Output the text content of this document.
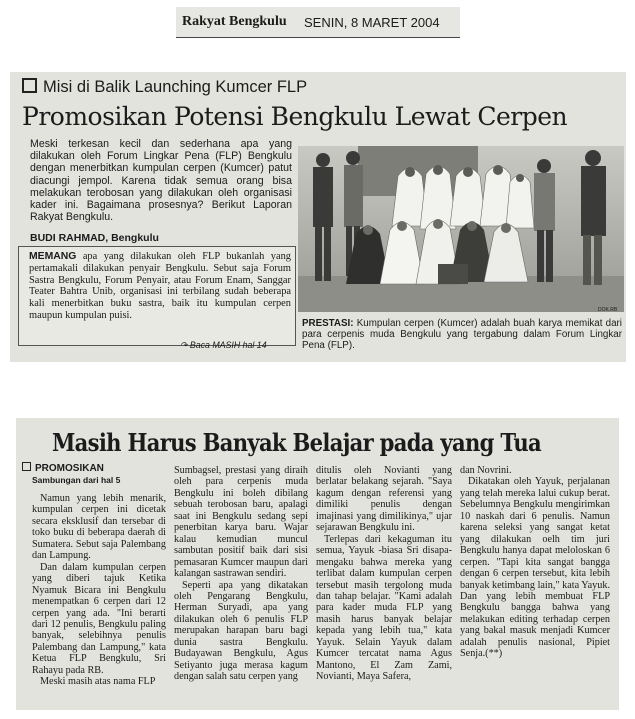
Rakyat Bengkulu SENIN, 8 MARET 2004
Misi di Balik Launching Kumcer FLP
Promosikan Potensi Bengkulu Lewat Cerpen
Meski terkesan kecil dan sederhana apa yang dilakukan oleh Forum Lingkar Pena (FLP) Bengkulu dengan menerbitkan kumpulan cerpen (Kumcer) patut diacungi jempol. Karena tidak semua orang bisa melakukan terobosan yang dilakukan oleh organisasi kader ini. Bagaimana prosesnya? Berikut Laporan Rakyat Bengkulu.
BUDI RAHMAD, Bengkulu
MEMANG apa yang dilakukan oleh FLP bukanlah yang pertamakali dilakukan penyair Bengkulu. Sebut saja Forum Sastra Bengkulu, Forum Penyair, atau Forum Enam, Sanggar Teater Bahtra Unib, organisasi ini terbilang sudah beberapa kali menerbitkan buku sastra, baik itu kumpulan cerpen maupun kumpulan puisi.
↷ Baca MASIH hal 14
DOK.RB
PRESTASI: Kumpulan cerpen (Kumcer) adalah buah karya memikat dari para cerpenis muda Bengkulu yang tergabung dalam Forum Lingkar Pena (FLP).
Masih Harus Banyak Belajar pada yang Tua
PROMOSIKAN
Sambungan dari hal 5

Namun yang lebih menarik, kumpulan cerpen ini dicetak secara eksklusif dan tersebar di toko buku di beberapa daerah di Sumatera. Sebut saja Palembang dan Lampung.

Dan dalam kumpulan cerpen yang diberi tajuk Ketika Nyamuk Bicara ini Bengkulu menempatkan 6 cerpen dari 12 cerpen yang ada. "Ini berarti dari 12 penulis, Bengkulu paling banyak, selebihnya penulis Palembang dan Lampung," kata Ketua FLP Bengkulu, Sri Rahayu pada RB.

Meski masih atas nama FLP

Sumbagsel, prestasi yang diraih oleh para cerpenis muda Bengkulu ini boleh dibilang sebuah terobosan baru, apalagi saat ini Bengkulu sedang sepi penerbitan karya baru. Wajar kalau kemudian muncul sambutan positif baik dari sisi pemasaran Kumcer maupun dari kalangan sastrawan sendiri.

Seperti apa yang dikatakan oleh Pengarang Bengkulu, Herman Suryadi, apa yang dilakukan oleh 6 penulis FLP merupakan harapan baru bagi dunia sastra Bengkulu. Budayawan Bengkulu, Agus Setiyanto juga merasa kagum dengan salah satu cerpen yang

ditulis oleh Novianti yang berlatar belakang sejarah. "Saya kagum dengan referensi yang dimiliki penulis dengan imajinasi yang dimilikinya," ujar sejarawan Bengkulu ini.

Terlepas dari kekaguman itu semua, Yayuk -biasa Sri disapa- mengaku bahwa mereka yang terlibat dalam kumpulan cerpen tersebut masih tergolong muda dan tahap belajar. "Kami adalah para kader muda FLP yang masih harus banyak belajar kepada yang lebih tua," kata Yayuk. Selain Yayuk dalam Kumcer tercatat nama Agus Mantono, El Zam Zami, Novianti, Maya Safera,

dan Novrini.

Dikatakan oleh Yayuk, perjalanan yang telah mereka lalui cukup berat. Sebelumnya Bengkulu mengirimkan 10 naskah dari 6 penulis. Namun karena seleksi yang sangat ketat yang dilakukan oelh tim juri Bengkulu hanya dapat meloloskan 6 cerpen. "Tapi kita sangat bangga dengan 6 cerpen tersebut, kita lebih banyak ketimbang lain," kata Yayuk. Dan yang lebih membuat FLP Bengkulu bangga bahwa yang melakukan editing terhadap cerpen yang bakal masuk menjadi Kumcer adalah penulis nasional, Pipiet Senja.(**)
